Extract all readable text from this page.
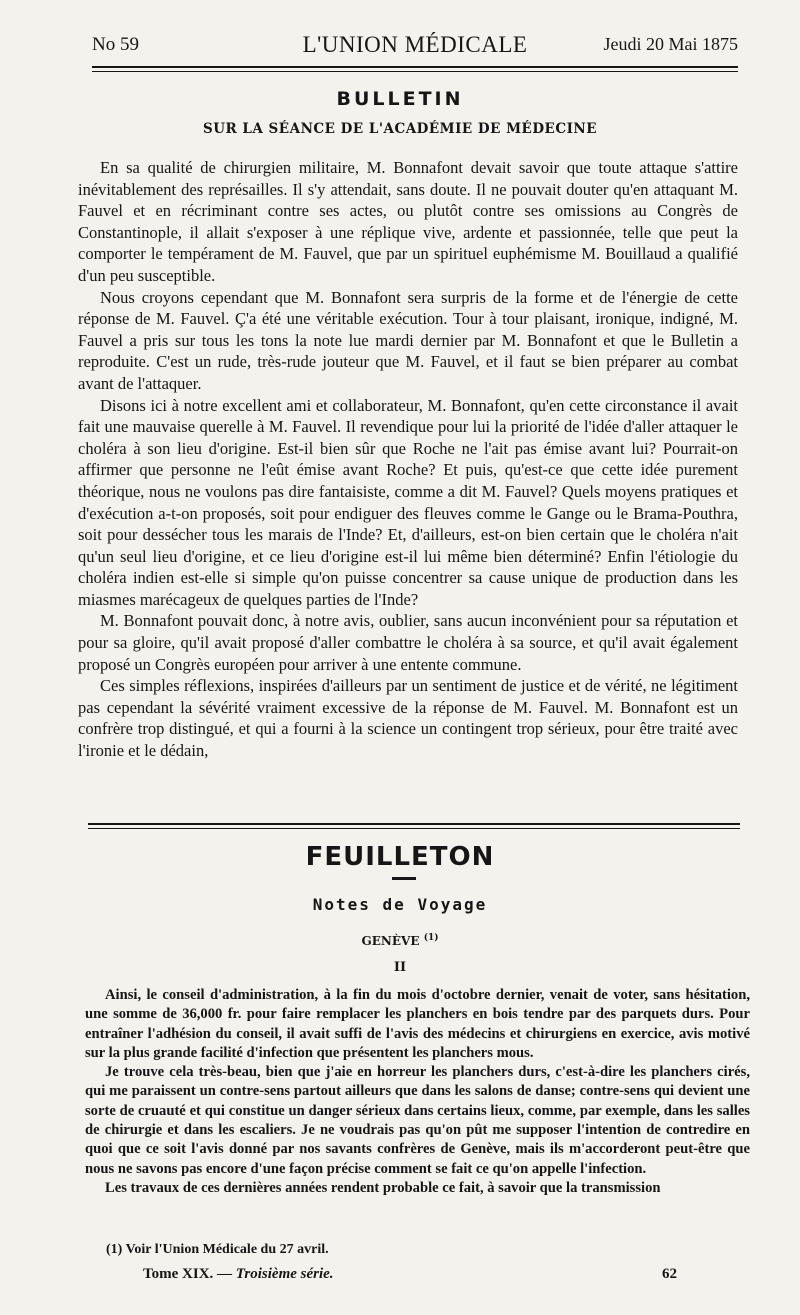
No 59	L'UNION MÉDICALE	Jeudi 20 Mai 1875
BULLETIN
SUR LA SÉANCE DE L'ACADÉMIE DE MÉDECINE

En sa qualité de chirurgien militaire, M. Bonnafont devait savoir que toute attaque s'attire inévitablement des représailles. Il s'y attendait, sans doute. Il ne pouvait douter qu'en attaquant M. Fauvel et en récriminant contre ses actes, ou plutôt contre ses omissions au Congrès de Constantinople, il allait s'exposer à une réplique vive, ardente et passionnée, telle que peut la comporter le tempérament de M. Fauvel, que par un spirituel euphémisme M. Bouillaud a qualifié d'un peu susceptible.

Nous croyons cependant que M. Bonnafont sera surpris de la forme et de l'énergie de cette réponse de M. Fauvel. Ç'a été une véritable exécution. Tour à tour plaisant, ironique, indigné, M. Fauvel a pris sur tous les tons la note lue mardi dernier par M. Bonnafont et que le Bulletin a reproduite. C'est un rude, très-rude jouteur que M. Fauvel, et il faut se bien préparer au combat avant de l'attaquer.

Disons ici à notre excellent ami et collaborateur, M. Bonnafont, qu'en cette circonstance il avait fait une mauvaise querelle à M. Fauvel. Il revendique pour lui la priorité de l'idée d'aller attaquer le choléra à son lieu d'origine. Est-il bien sûr que Roche ne l'ait pas émise avant lui? Pourrait-on affirmer que personne ne l'eût émise avant Roche? Et puis, qu'est-ce que cette idée purement théorique, nous ne voulons pas dire fantaisiste, comme a dit M. Fauvel? Quels moyens pratiques et d'exécution a-t-on proposés, soit pour endiguer des fleuves comme le Gange ou le Brama-Pouthra, soit pour dessécher tous les marais de l'Inde? Et, d'ailleurs, est-on bien certain que le choléra n'ait qu'un seul lieu d'origine, et ce lieu d'origine est-il lui même bien déterminé? Enfin l'étiologie du choléra indien est-elle si simple qu'on puisse concentrer sa cause unique de production dans les miasmes marécageux de quelques parties de l'Inde?

M. Bonnafont pouvait donc, à notre avis, oublier, sans aucun inconvénient pour sa réputation et pour sa gloire, qu'il avait proposé d'aller combattre le choléra à sa source, et qu'il avait également proposé un Congrès européen pour arriver à une entente commune.

Ces simples réflexions, inspirées d'ailleurs par un sentiment de justice et de vérité, ne légitiment pas cependant la sévérité vraiment excessive de la réponse de M. Fauvel. M. Bonnafont est un confrère trop distingué, et qui a fourni à la science un contingent trop sérieux, pour être traité avec l'ironie et le dédain,

FEUILLETON
Notes de Voyage
GENÈVE $^{(1)}$
II

Ainsi, le conseil d'administration, à la fin du mois d'octobre dernier, venait de voter, sans hésitation, une somme de 36,000 fr. pour faire remplacer les planchers en bois tendre par des parquets durs. Pour entraîner l'adhésion du conseil, il avait suffi de l'avis des médecins et chirurgiens en exercice, avis motivé sur la plus grande facilité d'infection que présentent les planchers mous.

Je trouve cela très-beau, bien que j'aie en horreur les planchers durs, c'est-à-dire les planchers cirés, qui me paraissent un contre-sens partout ailleurs que dans les salons de danse; contre-sens qui devient une sorte de cruauté et qui constitue un danger sérieux dans certains lieux, comme, par exemple, dans les salles de chirurgie et dans les escaliers. Je ne voudrais pas qu'on pût me supposer l'intention de contredire en quoi que ce soit l'avis donné par nos savants confrères de Genève, mais ils m'accorderont peut-être que nous ne savons pas encore d'une façon précise comment se fait ce qu'on appelle l'infection.

Les travaux de ces dernières années rendent probable ce fait, à savoir que la transmission

(1) Voir l'Union Médicale du 27 avril.
Tome XIX. — Troisième série.	62
